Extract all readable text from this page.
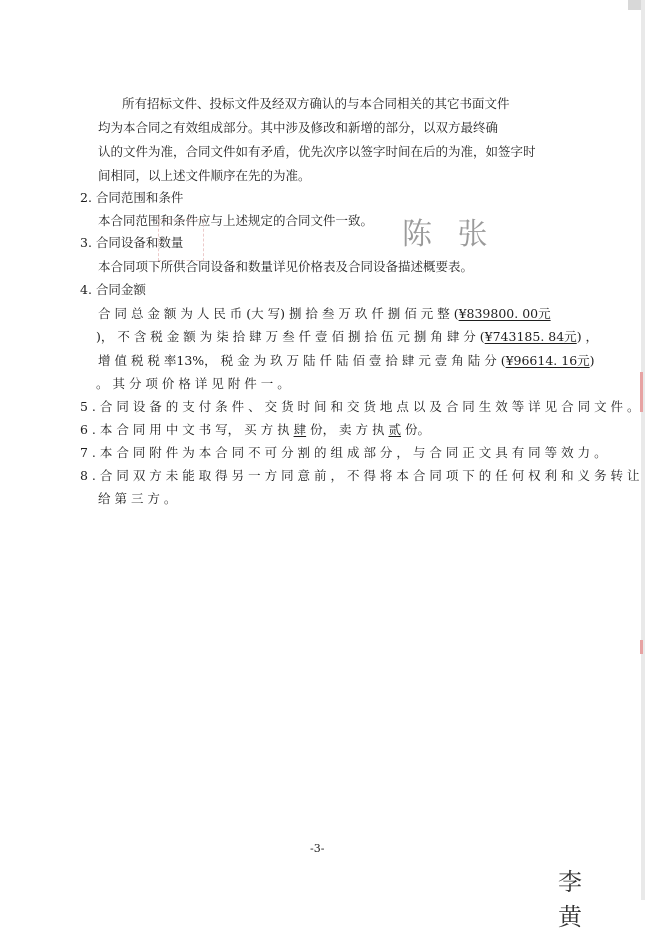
所有招标文件、投标文件及经双方确认的与本合同相关的其它书面文件
均为本合同之有效组成部分。其中涉及修改和新增的部分，以双方最终确
认的文件为准，合同文件如有矛盾，优先次序以签字时间在后的为准，如签字时
间相同，以上述文件顺序在先的为准。
2. 合同范围和条件
本合同范围和条件应与上述规定的合同文件一致。 陈 张
3. 合同设备和数量
本合同项下所供合同设备和数量详见价格表及合同设备描述概要表。
4. 合同金额
合 同 总 金 额 为 人 民 币 (大 写) 捌 拾 叁 万 玖 仟 捌 佰 元 整 (¥839800. 00元
)， 不 含 税 金 额 为 柒 拾 肆 万 叁 仟 壹 佰 捌 拾 伍 元 捌 角 肆 分 (¥743185. 84元) ，
增 值 税 税 率13%， 税 金 为 玖 万 陆 仟 陆 佰 壹 拾 肆 元 壹 角 陆 分 (¥96614. 16元)
。 其 分 项 价 格 详 见 附 件 一 。
5 . 合 同 设 备 的 支 付 条 件 、 交 货 时 间 和 交 货 地 点 以 及 合 同 生 效 等 详 见 合 同 文 件 。
6 . 本 合 同 用 中 文 书 写， 买 方 执 肆 份， 卖 方 执 贰 份。
7 . 本 合 同 附 件 为 本 合 同 不 可 分 割 的 组 成 部 分 ， 与 合 同 正 文 具 有 同 等 效 力 。
8 . 合 同 双 方 未 能 取 得 另 一 方 同 意 前 ， 不 得 将 本 合 同 项 下 的 任 何 权 利 和 义 务 转 让
给 第 三 方 。
-3-
李 黄
